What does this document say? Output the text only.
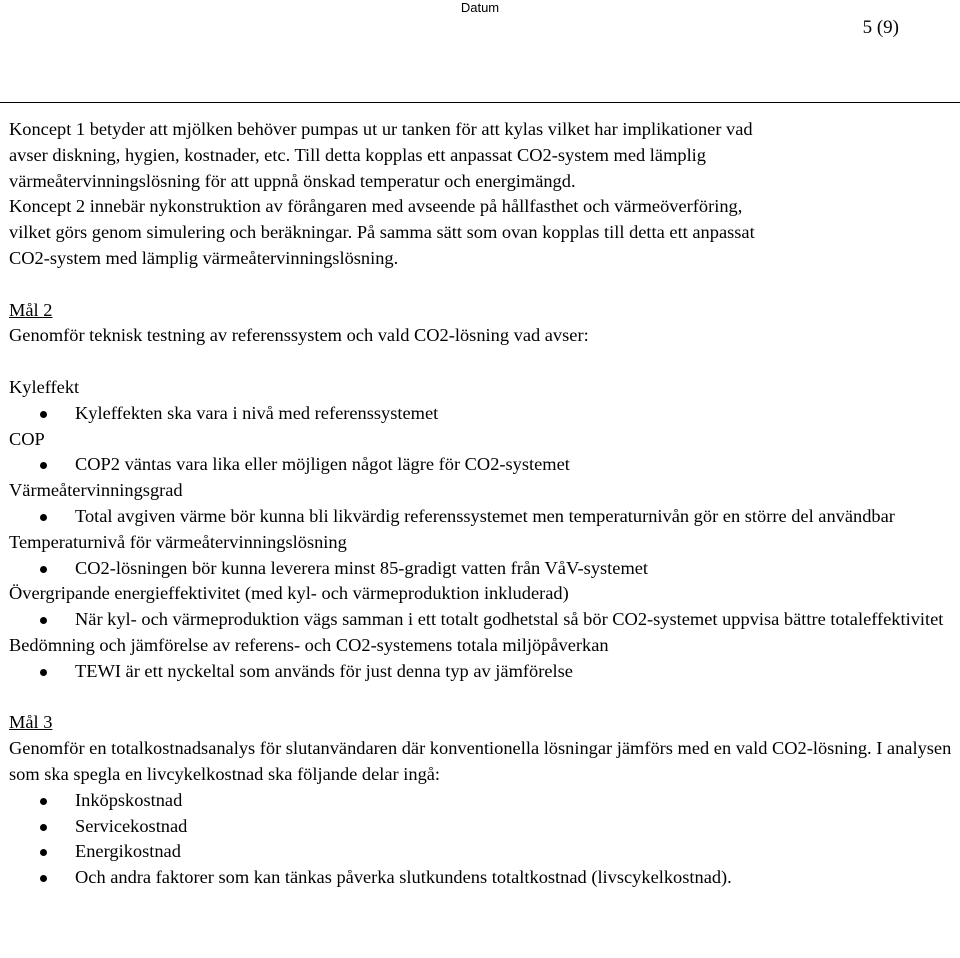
Datum
5 (9)
Koncept 1 betyder att mjölken behöver pumpas ut ur tanken för att kylas vilket har implikationer vad
avser diskning, hygien, kostnader, etc. Till detta kopplas ett anpassat CO2-system med lämplig
värmeåtervinningslösning för att uppnå önskad temperatur och energimängd.
Koncept 2 innebär nykonstruktion av förångaren med avseende på hållfasthet och värmeöverföring,
vilket görs genom simulering och beräkningar. På samma sätt som ovan kopplas till detta ett anpassat
CO2-system med lämplig värmeåtervinningslösning.
Mål 2
Genomför teknisk testning av referenssystem och vald CO2-lösning vad avser:
Kyleffekt
Kyleffekten ska vara i nivå med referenssystemet
COP
COP2 väntas vara lika eller möjligen något lägre för CO2-systemet
Värmeåtervinningsgrad
Total avgiven värme bör kunna bli likvärdig referenssystemet men temperaturnivån gör en större del användbar
Temperaturnivå för värmeåtervinningslösning
CO2-lösningen bör kunna leverera minst 85-gradigt vatten från VåV-systemet
Övergripande energieffektivitet (med kyl- och värmeproduktion inkluderad)
När kyl- och värmeproduktion vägs samman i ett totalt godhetstal så bör CO2-systemet uppvisa bättre totaleffektivitet
Bedömning och jämförelse av referens- och CO2-systemens totala miljöpåverkan
TEWI är ett nyckeltal som används för just denna typ av jämförelse
Mål 3
Genomför en totalkostnadsanalys för slutanvändaren där konventionella lösningar jämförs med en vald CO2-lösning. I analysen som ska spegla en livcykelkostnad ska följande delar ingå:
Inköpskostnad
Servicekostnad
Energikostnad
Och andra faktorer som kan tänkas påverka slutkundens totaltkostnad (livscykelkostnad).
